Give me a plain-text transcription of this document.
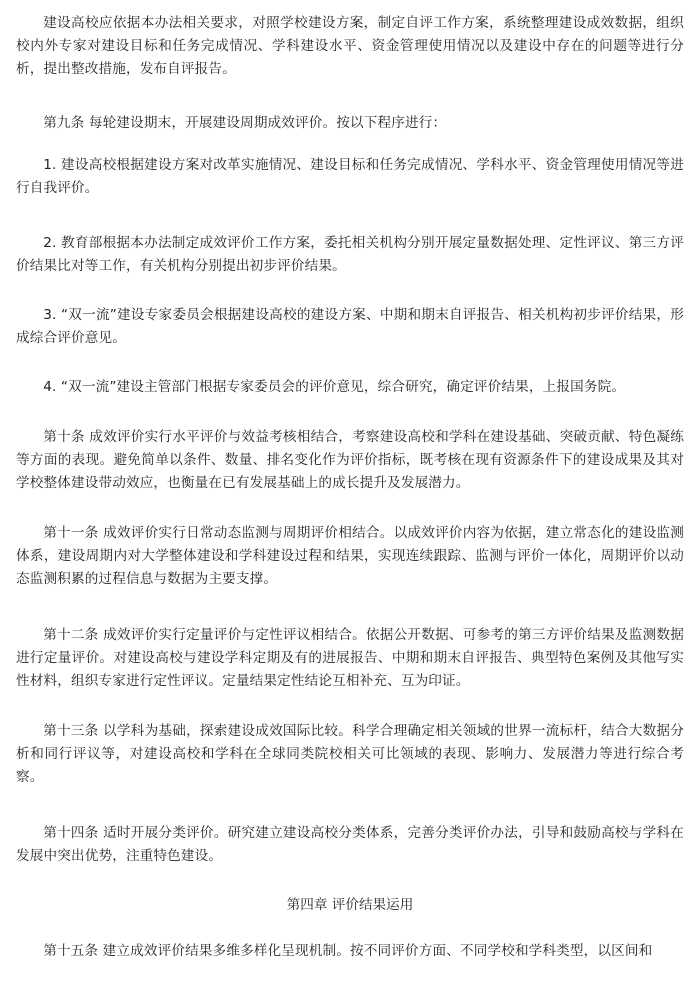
建设高校应依据本办法相关要求，对照学校建设方案，制定自评工作方案，系统整理建设成效数据，组织校内外专家对建设目标和任务完成情况、学科建设水平、资金管理使用情况以及建设中存在的问题等进行分析，提出整改措施，发布自评报告。

第九条 每轮建设期末，开展建设周期成效评价。按以下程序进行：

1. 建设高校根据建设方案对改革实施情况、建设目标和任务完成情况、学科水平、资金管理使用情况等进行自我评价。

2. 教育部根据本办法制定成效评价工作方案，委托相关机构分别开展定量数据处理、定性评议、第三方评价结果比对等工作，有关机构分别提出初步评价结果。

3. “双一流”建设专家委员会根据建设高校的建设方案、中期和期末自评报告、相关机构初步评价结果，形成综合评价意见。

4. “双一流”建设主管部门根据专家委员会的评价意见，综合研究，确定评价结果，上报国务院。

第十条 成效评价实行水平评价与效益考核相结合，考察建设高校和学科在建设基础、突破贡献、特色凝练等方面的表现。避免简单以条件、数量、排名变化作为评价指标，既考核在现有资源条件下的建设成果及其对学校整体建设带动效应，也衡量在已有发展基础上的成长提升及发展潜力。

第十一条 成效评价实行日常动态监测与周期评价相结合。以成效评价内容为依据，建立常态化的建设监测体系，建设周期内对大学整体建设和学科建设过程和结果，实现连续跟踪、监测与评价一体化，周期评价以动态监测积累的过程信息与数据为主要支撑。

第十二条 成效评价实行定量评价与定性评议相结合。依据公开数据、可参考的第三方评价结果及监测数据进行定量评价。对建设高校与建设学科定期及有的进展报告、中期和期末自评报告、典型特色案例及其他写实性材料，组织专家进行定性评议。定量结果定性结论互相补充、互为印证。

第十三条 以学科为基础，探索建设成效国际比较。科学合理确定相关领域的世界一流标杆，结合大数据分析和同行评议等，对建设高校和学科在全球同类院校相关可比领域的表现、影响力、发展潜力等进行综合考察。

第十四条 适时开展分类评价。研究建立建设高校分类体系，完善分类评价办法，引导和鼓励高校与学科在发展中突出优势，注重特色建设。

第四章 评价结果运用

第十五条 建立成效评价结果多维多样化呈现机制。按不同评价方面、不同学校和学科类型，以区间和
